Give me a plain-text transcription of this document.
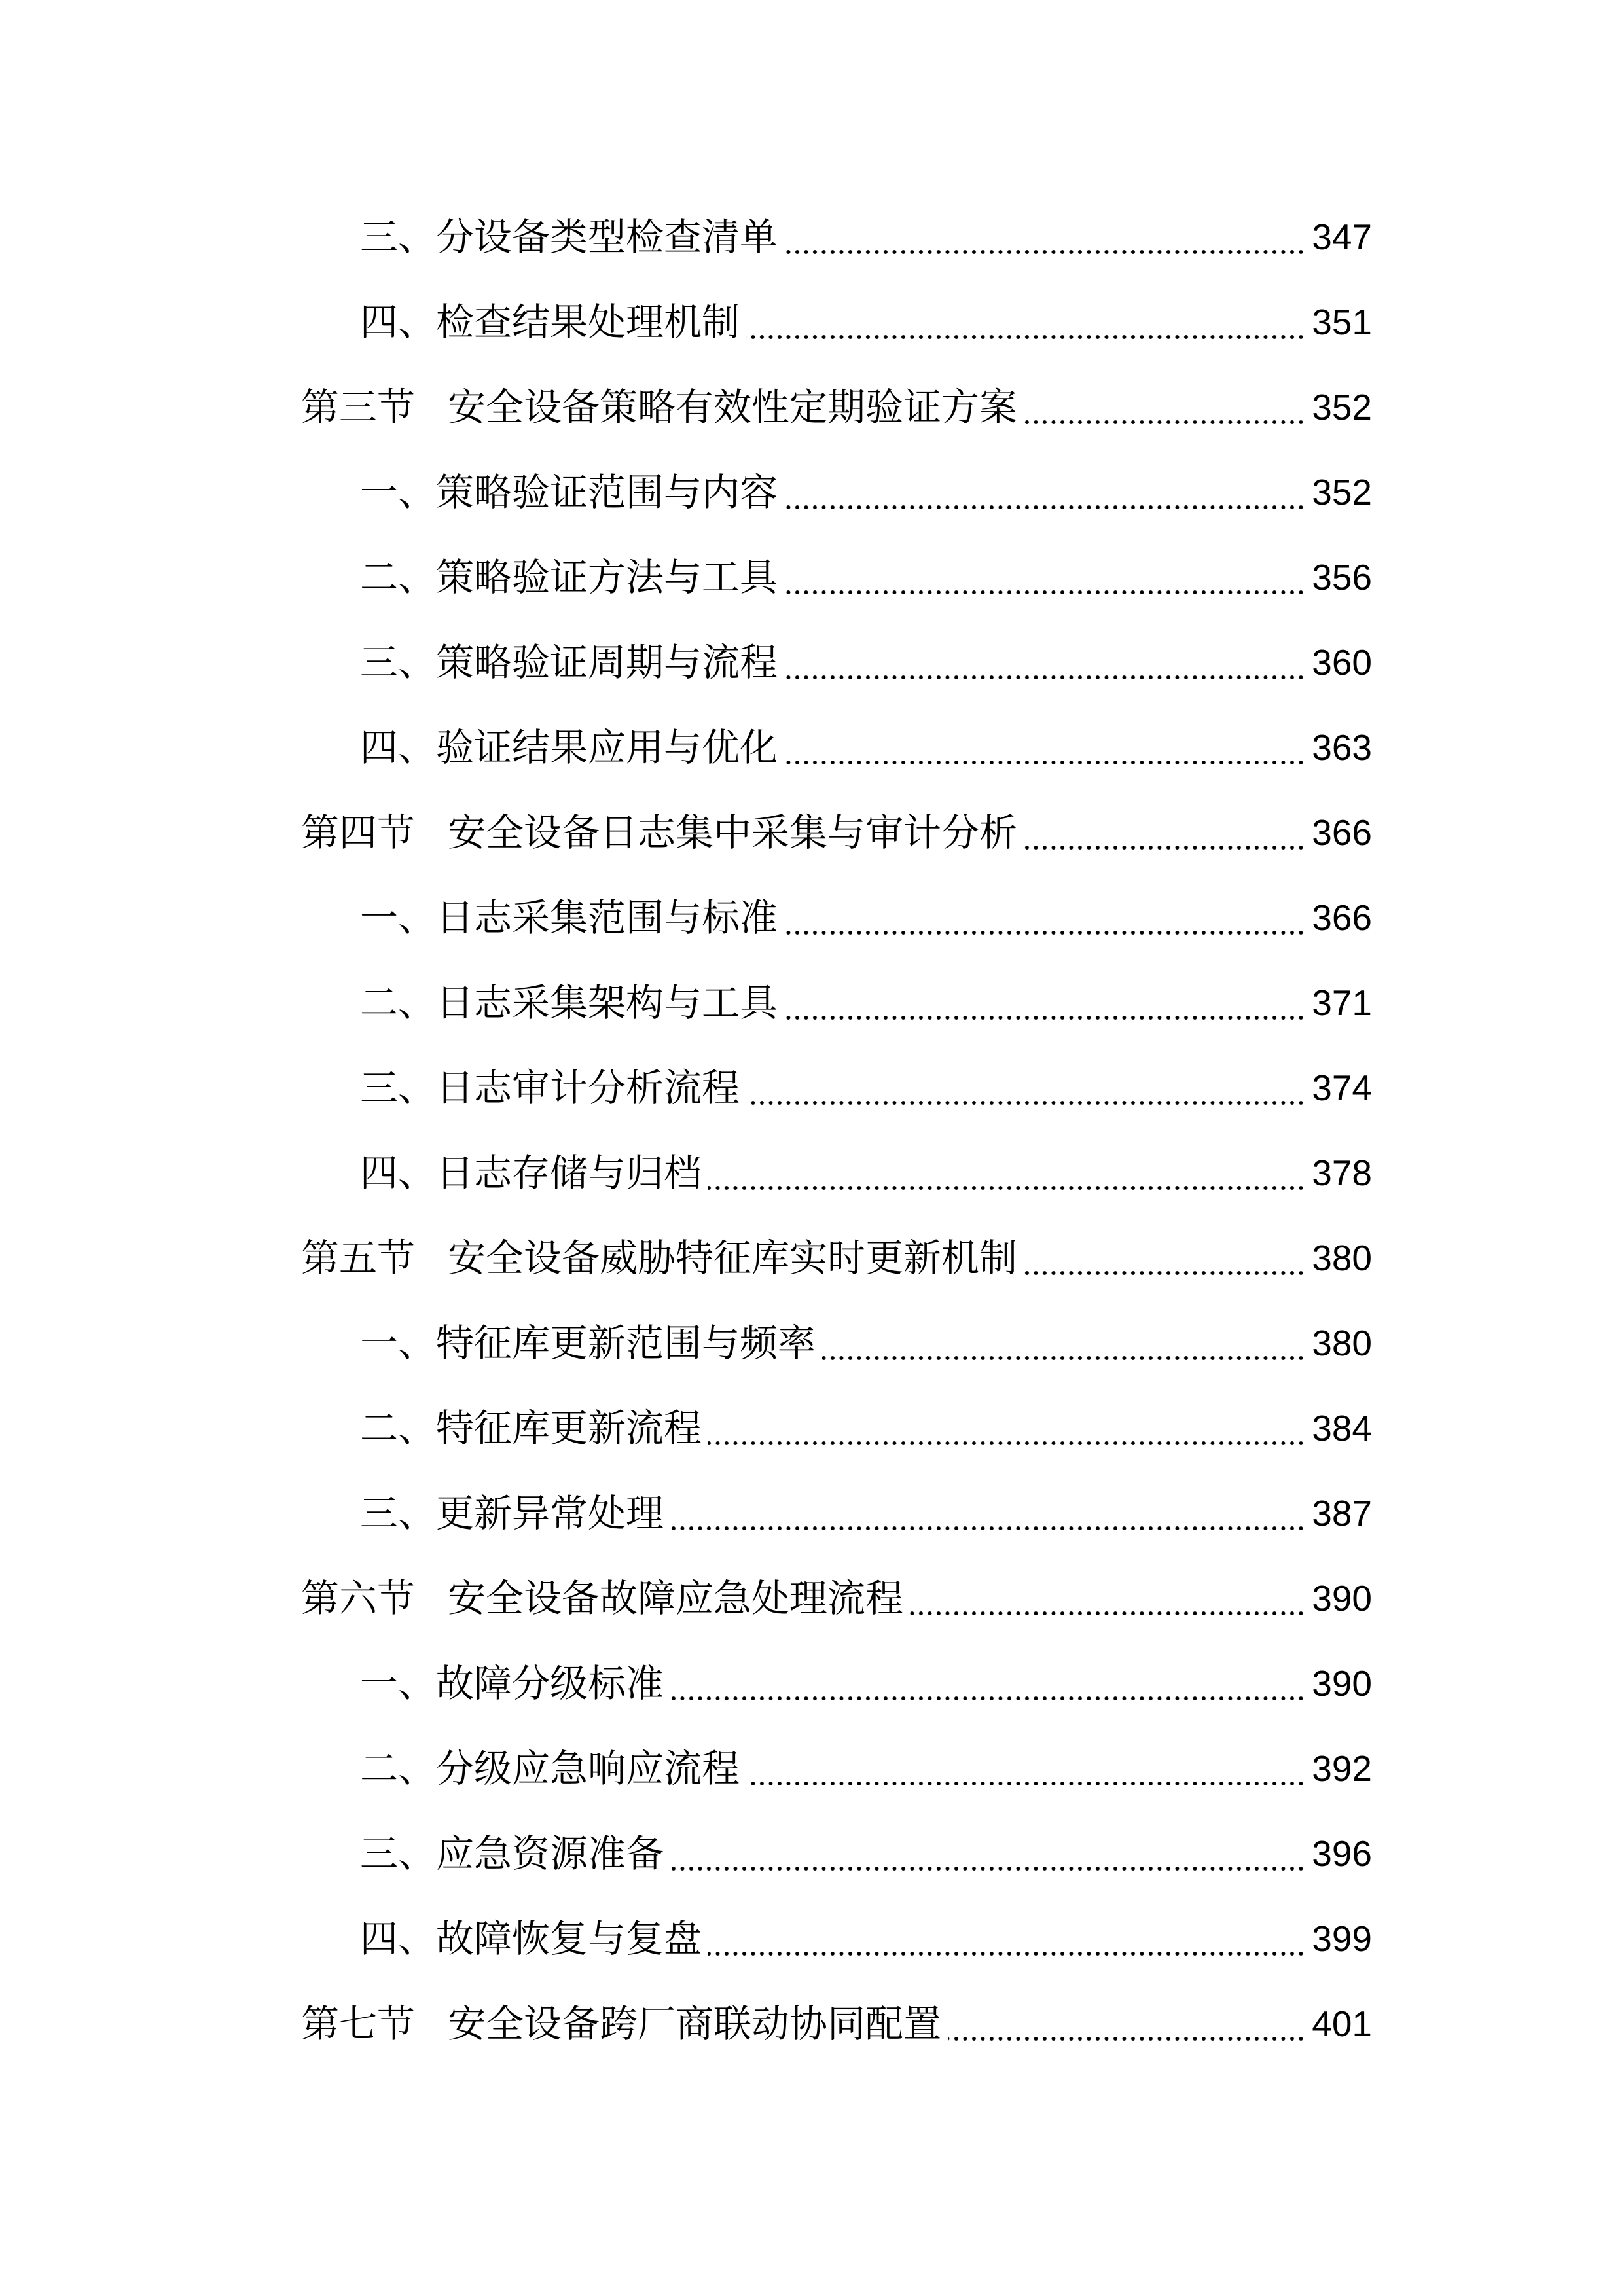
三、 分设备类型检查清单	347
四、 检查结果处理机制	351
第三节 安全设备策略有效性定期验证方案	352
一、 策略验证范围与内容	352
二、 策略验证方法与工具	356
三、 策略验证周期与流程	360
四、 验证结果应用与优化	363
第四节 安全设备日志集中采集与审计分析	366
一、 日志采集范围与标准	366
二、 日志采集架构与工具	371
三、 日志审计分析流程	374
四、 日志存储与归档	378
第五节 安全设备威胁特征库实时更新机制	380
一、 特征库更新范围与频率	380
二、 特征库更新流程	384
三、 更新异常处理	387
第六节 安全设备故障应急处理流程	390
一、 故障分级标准	390
二、 分级应急响应流程	392
三、 应急资源准备	396
四、 故障恢复与复盘	399
第七节 安全设备跨厂商联动协同配置	401
